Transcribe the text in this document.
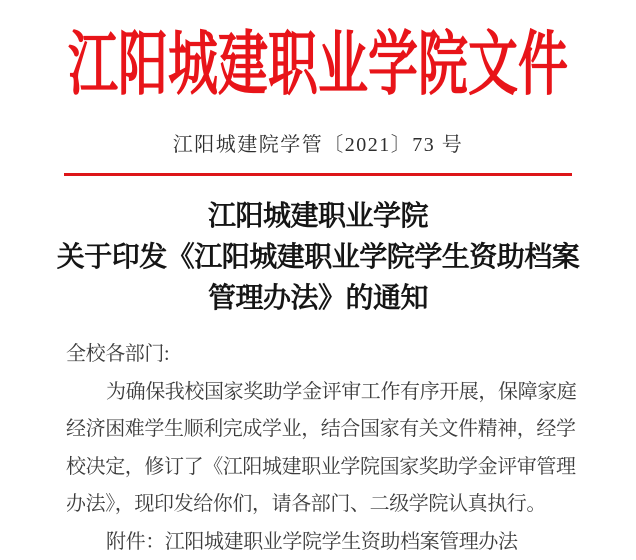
江阳城建职业学院文件
江阳城建院学管〔2021〕73 号
江阳城建职业学院
关于印发《江阳城建职业学院学生资助档案
管理办法》的通知
全校各部门:
为确保我校国家奖助学金评审工作有序开展，保障家庭
经济困难学生顺利完成学业，结合国家有关文件精神，经学
校决定，修订了《江阳城建职业学院国家奖助学金评审管理
办法》，现印发给你们，请各部门、二级学院认真执行。
附件：江阳城建职业学院学生资助档案管理办法
